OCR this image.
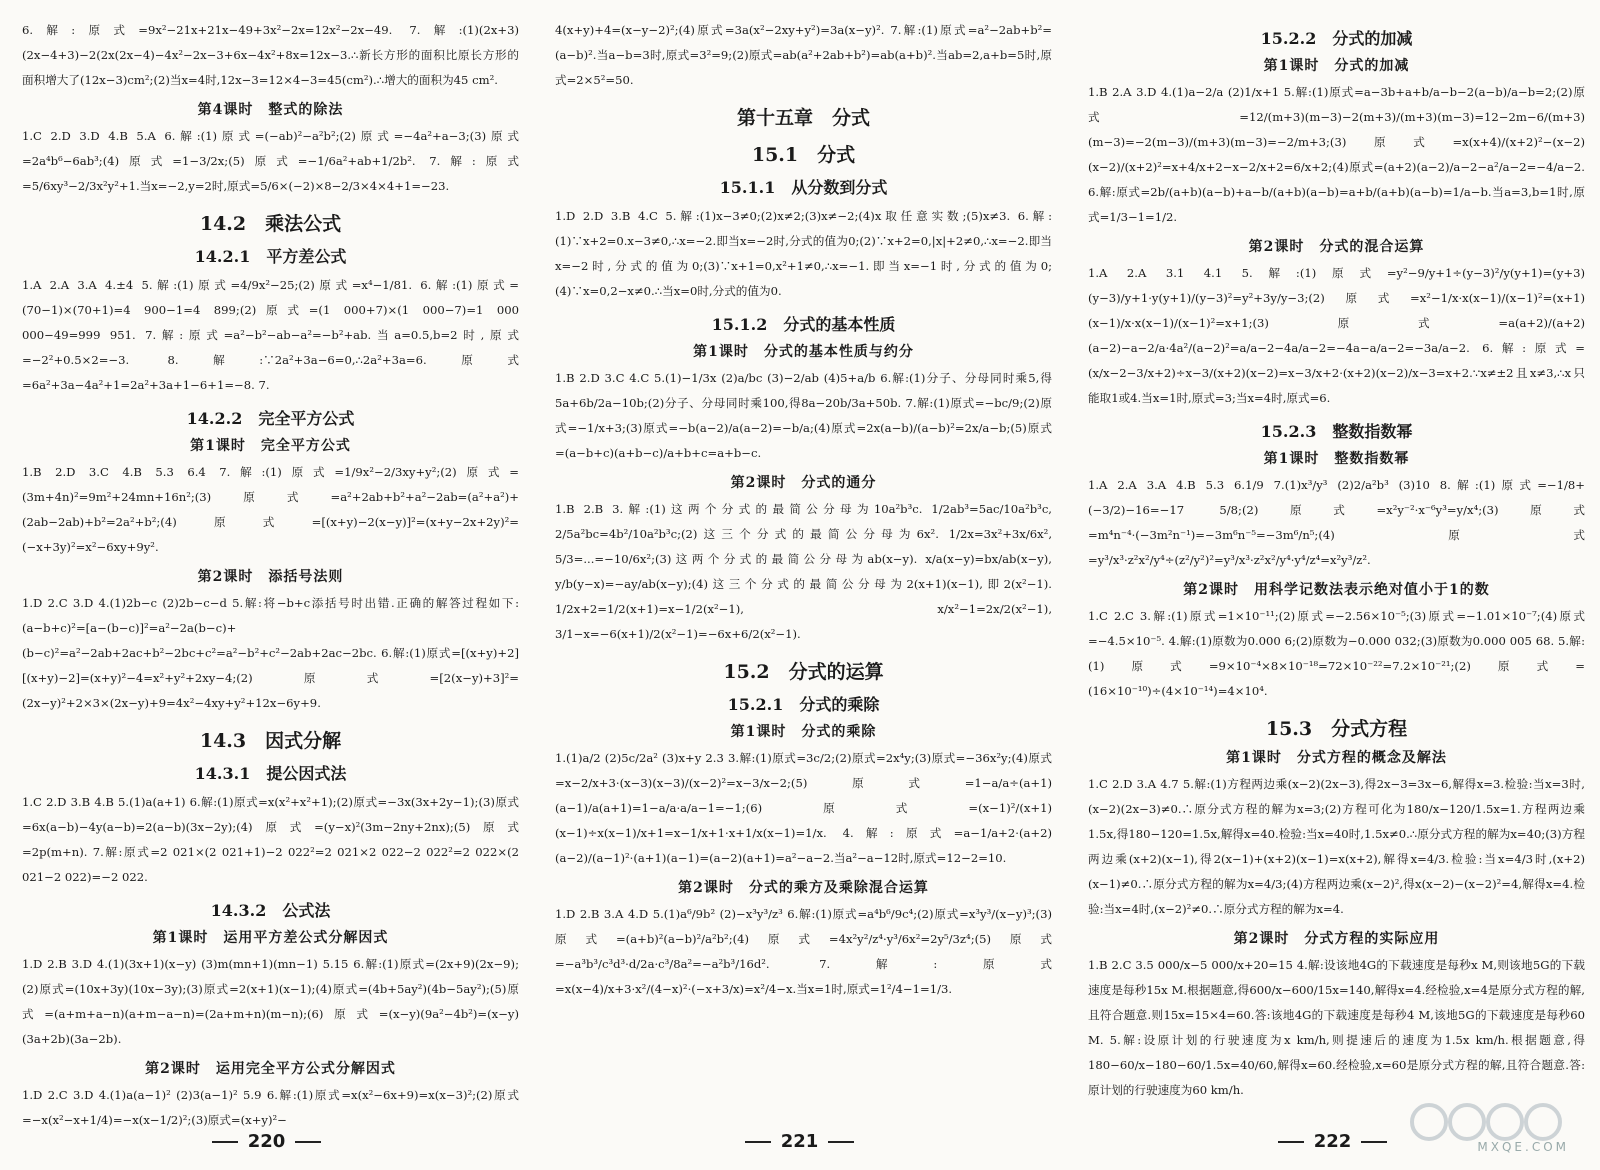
6.解:原式=9x²−21x+21x−49+3x²−2x=12x²−2x−49. 7.解:(1)(2x+3)(2x−4+3)−2(2x(2x−4)−4x²−2x−3+6x−4x²+8x=12x−3.∴新长方形的面积比原长方形的面积增大了(12x−3)cm²;(2)当x=4时,12x−3=12×4−3=45(cm²).∴增大的面积为45 cm².

第4课时　整式的除法

1.C 2.D 3.D 4.B 5.A 6.解:(1)原式=(−ab)²−a²b²;(2)原式=−4a²+a−3;(3)原式=2a⁴b⁶−6ab³;(4)原式=1−3/2x;(5)原式=−1/6a²+ab+1/2b². 7.解:原式=5/6xy³−2/3x²y²+1.当x=−2,y=2时,原式=5/6×(−2)×8−2/3×4×4+1=−23.

14.2　乘法公式
14.2.1　平方差公式

1.A 2.A 3.A 4.±4 5.解:(1)原式=4/9x²−25;(2)原式=x⁴−1/81. 6.解:(1)原式=(70−1)×(70+1)=4 900−1=4 899;(2)原式=(1 000+7)×(1 000−7)=1 000 000−49=999 951. 7.解:原式=a²−b²−ab−a²=−b²+ab.当a=0.5,b=2时,原式=−2²+0.5×2=−3. 8.解:∵2a²+3a−6=0,∴2a²+3a=6.原式=6a²+3a−4a²+1=2a²+3a+1−6+1=−8. 7.

14.2.2　完全平方公式
第1课时　完全平方公式

1.B 2.D 3.C 4.B 5.3 6.4 7.解:(1)原式=1/9x²−2/3xy+y²;(2)原式=(3m+4n)²=9m²+24mn+16n²;(3)原式=a²+2ab+b²+a²−2ab=(a²+a²)+(2ab−2ab)+b²=2a²+b²;(4)原式=[(x+y)−2(x−y)]²=(x+y−2x+2y)²=(−x+3y)²=x²−6xy+9y².

第2课时　添括号法则

1.D 2.C 3.D 4.(1)2b−c (2)2b−c−d 5.解:将−b+c添括号时出错.正确的解答过程如下:(a−b+c)²=[a−(b−c)]²=a²−2a(b−c)+(b−c)²=a²−2ab+2ac+b²−2bc+c²=a²−b²+c²−2ab+2ac−2bc. 6.解:(1)原式=[(x+y)+2][(x+y)−2]=(x+y)²−4=x²+y²+2xy−4;(2)原式=[2(x−y)+3]²=(2x−y)²+2×3×(2x−y)+9=4x²−4xy+y²+12x−6y+9.

14.3　因式分解
14.3.1　提公因式法

1.C 2.D 3.B 4.B 5.(1)a(a+1) 6.解:(1)原式=x(x²+x²+1);(2)原式=−3x(3x+2y−1);(3)原式=6x(a−b)−4y(a−b)=2(a−b)(3x−2y);(4)原式=(y−x)²(3m−2ny+2nx);(5)原式=2p(m+n). 7.解:原式=2 021×(2 021+1)−2 022²=2 021×2 022−2 022²=2 022×(2 021−2 022)=−2 022.

14.3.2　公式法
第1课时　运用平方差公式分解因式

1.D 2.B 3.D 4.(1)(3x+1)(x−y) (3)m(mn+1)(mn−1) 5.15 6.解:(1)原式=(2x+9)(2x−9);(2)原式=(10x+3y)(10x−3y);(3)原式=2(x+1)(x−1);(4)原式=(4b+5ay²)(4b−5ay²);(5)原式=(a+m+a−n)(a+m−a−n)=(2a+m+n)(m−n);(6)原式=(x−y)(9a²−4b²)=(x−y)(3a+2b)(3a−2b).

第2课时　运用完全平方公式分解因式

1.D 2.C 3.D 4.(1)a(a−1)² (2)3(a−1)² 5.9 6.解:(1)原式=x(x²−6x+9)=x(x−3)²;(2)原式=−x(x²−x+1/4)=−x(x−1/2)²;(3)原式=(x+y)²−

220

4(x+y)+4=(x−y−2)²;(4)原式=3a(x²−2xy+y²)=3a(x−y)². 7.解:(1)原式=a²−2ab+b²=(a−b)².当a−b=3时,原式=3²=9;(2)原式=ab(a²+2ab+b²)=ab(a+b)².当ab=2,a+b=5时,原式=2×5²=50.

第十五章　分式
15.1　分式
15.1.1　从分数到分式

1.D 2.D 3.B 4.C 5.解:(1)x−3≠0;(2)x≠2;(3)x≠−2;(4)x取任意实数;(5)x≠3. 6.解:(1)∵x+2=0.x−3≠0,∴x=−2.即当x=−2时,分式的值为0;(2)∵x+2=0,|x|+2≠0,∴x=−2.即当x=−2时,分式的值为0;(3)∵x+1=0,x²+1≠0,∴x=−1.即当x=−1时,分式的值为0;(4)∵x=0,2−x≠0.∴当x=0时,分式的值为0.

15.1.2　分式的基本性质
第1课时　分式的基本性质与约分

1.B 2.D 3.C 4.C 5.(1)−1/3x (2)a/bc (3)−2/ab (4)5+a/b 6.解:(1)分子、分母同时乘5,得5a+6b/2a−10b;(2)分子、分母同时乘100,得8a−20b/3a+50b. 7.解:(1)原式=−bc/9;(2)原式=−1/x+3;(3)原式=−b(a−2)/a(a−2)=−b/a;(4)原式=2x(a−b)/(a−b)²=2x/a−b;(5)原式=(a−b+c)(a+b−c)/a+b+c=a+b−c.

第2课时　分式的通分

1.B 2.B 3.解:(1)这两个分式的最简公分母为10a²b³c. 1/2ab³=5ac/10a²b³c, 2/5a²bc=4b²/10a²b³c;(2)这三个分式的最简公分母为6x². 1/2x=3x²+3x/6x², 5/3=...=−10/6x²;(3)这两个分式的最简公分母为ab(x−y). x/a(x−y)=bx/ab(x−y), y/b(y−x)=−ay/ab(x−y);(4)这三个分式的最简公分母为2(x+1)(x−1),即2(x²−1). 1/2x+2=1/2(x+1)=x−1/2(x²−1), x/x²−1=2x/2(x²−1), 3/1−x=−6(x+1)/2(x²−1)=−6x+6/2(x²−1).

15.2　分式的运算
15.2.1　分式的乘除
第1课时　分式的乘除

1.(1)a/2 (2)5c/2a² (3)x+y 2.3 3.解:(1)原式=3c/2;(2)原式=2x⁴y;(3)原式=−36x²y;(4)原式=x−2/x+3·(x−3)(x−3)/(x−2)²=x−3/x−2;(5)原式=1−a/a÷(a+1)(a−1)/a(a+1)=1−a/a·a/a−1=−1;(6)原式=(x−1)²/(x+1)(x−1)÷x(x−1)/x+1=x−1/x+1·x+1/x(x−1)=1/x. 4.解:原式=a−1/a+2·(a+2)(a−2)/(a−1)²·(a+1)(a−1)=(a−2)(a+1)=a²−a−2.当a²−a−12时,原式=12−2=10.

第2课时　分式的乘方及乘除混合运算

1.D 2.B 3.A 4.D 5.(1)a⁶/9b² (2)−x³y³/z³ 6.解:(1)原式=a⁴b⁶/9c⁴;(2)原式=x³y³/(x−y)³;(3)原式=(a+b)²(a−b)²/a²b²;(4)原式=4x²y²/z⁴·y³/6x²=2y⁵/3z⁴;(5)原式=−a³b³/c³d³·d/2a·c³/8a²=−a²b³/16d². 7.解:原式=x(x−4)/x+3·x²/(4−x)²·(−x+3/x)=x²/4−x.当x=1时,原式=1²/4−1=1/3.

221
15.2.2　分式的加减
第1课时　分式的加减

1.B 2.A 3.D 4.(1)a−2/a (2)1/x+1 5.解:(1)原式=a−3b+a+b/a−b−2(a−b)/a−b=2;(2)原式=12/(m+3)(m−3)−2(m+3)/(m+3)(m−3)=12−2m−6/(m+3)(m−3)=−2(m−3)/(m+3)(m−3)=−2/m+3;(3)原式=x(x+4)/(x+2)²−(x−2)(x−2)/(x+2)²=x+4/x+2−x−2/x+2=6/x+2;(4)原式=(a+2)(a−2)/a−2−a²/a−2=−4/a−2. 6.解:原式=2b/(a+b)(a−b)+a−b/(a+b)(a−b)=a+b/(a+b)(a−b)=1/a−b.当a=3,b=1时,原式=1/3−1=1/2.

第2课时　分式的混合运算

1.A 2.A 3.1 4.1 5.解:(1)原式=y²−9/y+1÷(y−3)²/y(y+1)=(y+3)(y−3)/y+1·y(y+1)/(y−3)²=y²+3y/y−3;(2)原式=x²−1/x·x(x−1)/(x−1)²=(x+1)(x−1)/x·x(x−1)/(x−1)²=x+1;(3)原式=a(a+2)/(a+2)(a−2)−a−2/a·4a²/(a−2)²=a/a−2−4a/a−2=−4a−a/a−2=−3a/a−2. 6.解:原式=(x/x−2−3/x+2)÷x−3/(x+2)(x−2)=x−3/x+2·(x+2)(x−2)/x−3=x+2.∵x≠±2且x≠3,∴x只能取1或4.当x=1时,原式=3;当x=4时,原式=6.

15.2.3　整数指数幂
第1课时　整数指数幂

1.A 2.A 3.A 4.B 5.3 6.1/9 7.(1)x³/y³ (2)2/a²b³ (3)10 8.解:(1)原式=−1/8+(−3/2)−16=−17 5/8;(2)原式=x²y⁻²·x⁻⁶y³=y/x⁴;(3)原式=m⁴n⁻⁴·(−3m²n⁻¹)=−3m⁶n⁻⁵=−3m⁶/n⁵;(4)原式=y³/x³·z²x²/y⁴÷(z²/y²)²=y³/x³·z²x²/y⁴·y⁴/z⁴=x²y³/z².

第2课时　用科学记数法表示绝对值小于1的数

1.C 2.C 3.解:(1)原式=1×10⁻¹¹;(2)原式=−2.56×10⁻⁵;(3)原式=−1.01×10⁻⁷;(4)原式=−4.5×10⁻⁵. 4.解:(1)原数为0.000 6;(2)原数为−0.000 032;(3)原数为0.000 005 68. 5.解:(1)原式=9×10⁻⁴×8×10⁻¹⁸=72×10⁻²²=7.2×10⁻²¹;(2)原式=(16×10⁻¹⁰)÷(4×10⁻¹⁴)=4×10⁴.

15.3　分式方程
第1课时　分式方程的概念及解法

1.C 2.D 3.A 4.7 5.解:(1)方程两边乘(x−2)(2x−3),得2x−3=3x−6,解得x=3.检验:当x=3时,(x−2)(2x−3)≠0.∴原分式方程的解为x=3;(2)方程可化为180/x−120/1.5x=1.方程两边乘1.5x,得180−120=1.5x,解得x=40.检验:当x=40时,1.5x≠0.∴原分式方程的解为x=40;(3)方程两边乘(x+2)(x−1),得2(x−1)+(x+2)(x−1)=x(x+2),解得x=4/3.检验:当x=4/3时,(x+2)(x−1)≠0.∴原分式方程的解为x=4/3;(4)方程两边乘(x−2)²,得x(x−2)−(x−2)²=4,解得x=4.检验:当x=4时,(x−2)²≠0.∴原分式方程的解为x=4.

第2课时　分式方程的实际应用

1.B 2.C 3.5 000/x−5 000/x+20=15 4.解:设该地4G的下载速度是每秒x M,则该地5G的下载速度是每秒15x M.根据题意,得600/x−600/15x=140,解得x=4.经检验,x=4是原分式方程的解,且符合题意.则15x=15×4=60.答:该地4G的下载速度是每秒4 M,该地5G的下载速度是每秒60 M. 5.解:设原计划的行驶速度为x km/h,则提速后的速度为1.5x km/h.根据题意,得180−60/x−180−60/1.5x=40/60,解得x=60.经检验,x=60是原分式方程的解,且符合题意.答:原计划的行驶速度为60 km/h.

222	MXQE.COM
